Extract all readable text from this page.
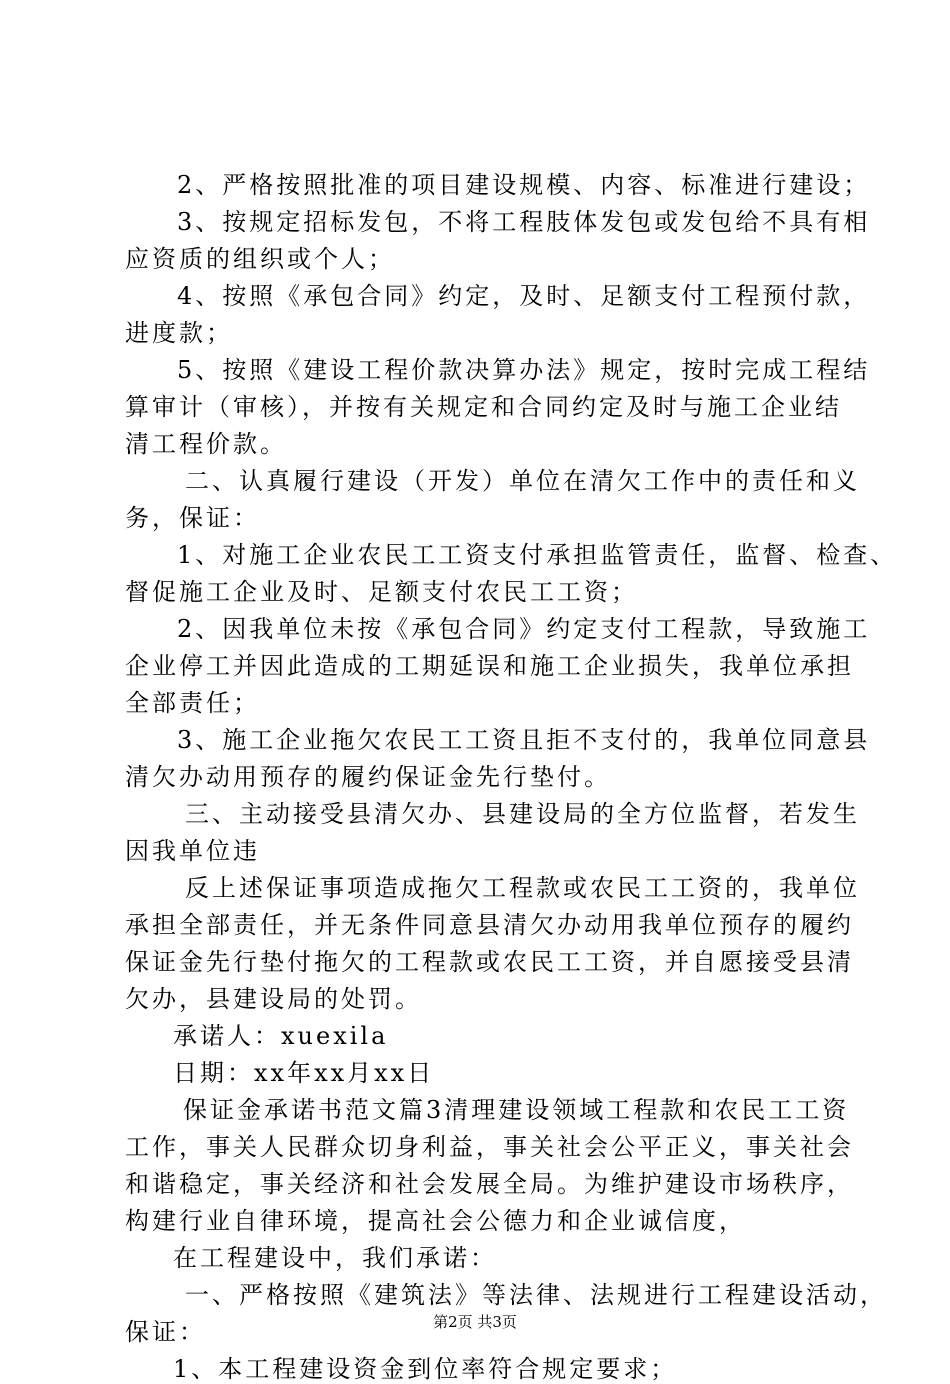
2、严格按照批准的项目建设规模、内容、标准进行建设；
3、按规定招标发包，不将工程肢体发包或发包给不具有相
应资质的组织或个人；
4、按照《承包合同》约定，及时、足额支付工程预付款，
进度款；
5、按照《建设工程价款决算办法》规定，按时完成工程结
算审计（审核），并按有关规定和合同约定及时与施工企业结
清工程价款。
二、认真履行建设（开发）单位在清欠工作中的责任和义
务，保证：
1、对施工企业农民工工资支付承担监管责任，监督、检查、
督促施工企业及时、足额支付农民工工资；
2、因我单位未按《承包合同》约定支付工程款，导致施工
企业停工并因此造成的工期延误和施工企业损失，我单位承担
全部责任；
3、施工企业拖欠农民工工资且拒不支付的，我单位同意县
清欠办动用预存的履约保证金先行垫付。
三、主动接受县清欠办、县建设局的全方位监督，若发生
因我单位违
反上述保证事项造成拖欠工程款或农民工工资的，我单位
承担全部责任，并无条件同意县清欠办动用我单位预存的履约
保证金先行垫付拖欠的工程款或农民工工资，并自愿接受县清
欠办，县建设局的处罚。
承诺人：xuexila
日期：xx年xx月xx日
保证金承诺书范文篇3清理建设领域工程款和农民工工资
工作，事关人民群众切身利益，事关社会公平正义，事关社会
和谐稳定，事关经济和社会发展全局。为维护建设市场秩序，
构建行业自律环境，提高社会公德力和企业诚信度，
在工程建设中，我们承诺：
一、严格按照《建筑法》等法律、法规进行工程建设活动，
保证：
1、本工程建设资金到位率符合规定要求；
第2页 共3页
